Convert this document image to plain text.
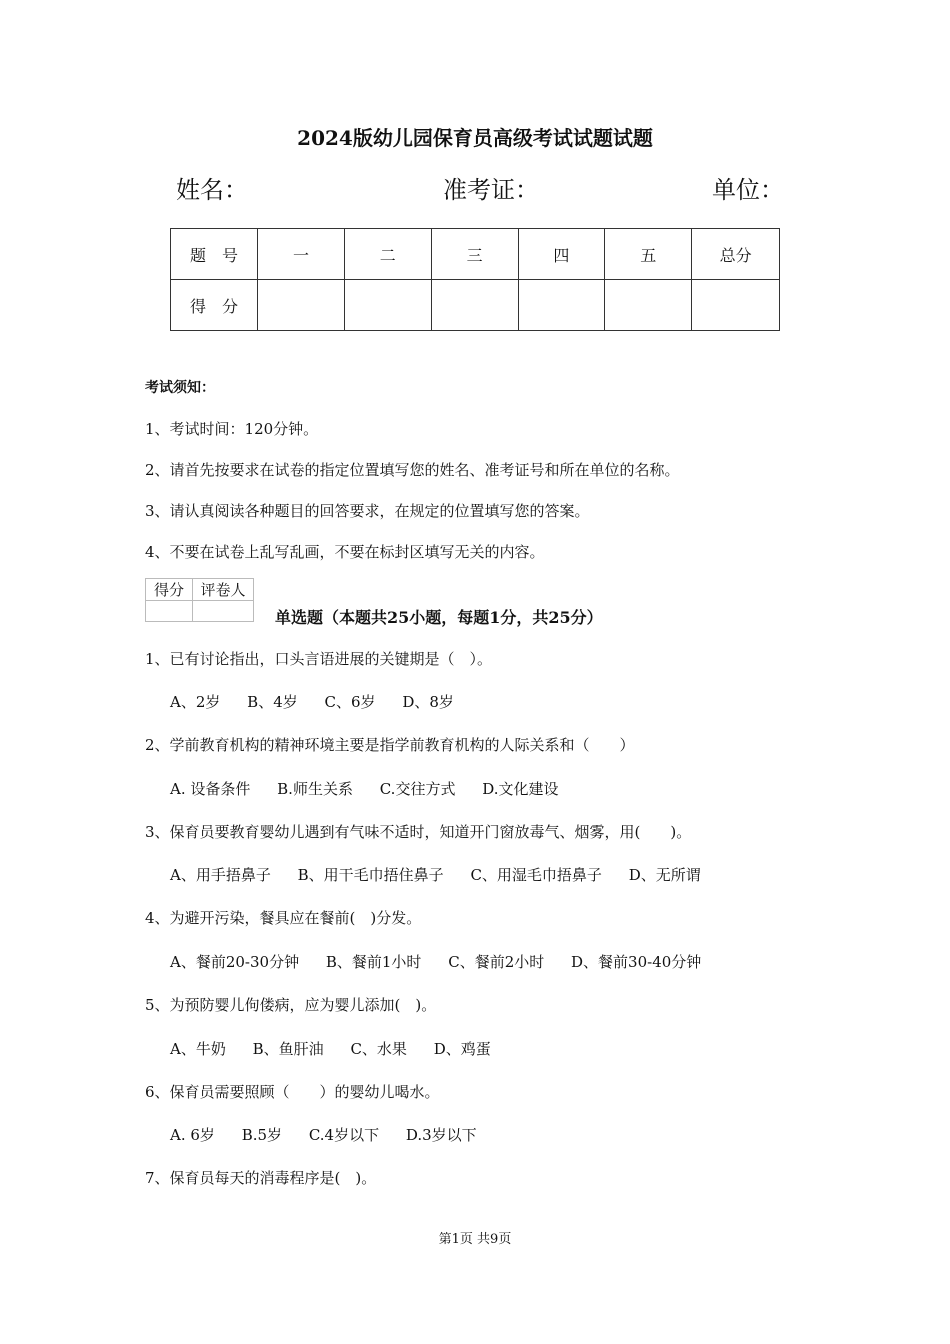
2024版幼儿园保育员高级考试试题试题
姓名：	准考证：	单位：
题　号	一	二	三	四	五	总分
得　分						
考试须知：
1、考试时间：120分钟。
2、请首先按要求在试卷的指定位置填写您的姓名、准考证号和所在单位的名称。
3、请认真阅读各种题目的回答要求，在规定的位置填写您的答案。
4、不要在试卷上乱写乱画，不要在标封区填写无关的内容。
得分	评卷人

单选题（本题共25小题，每题1分，共25分）
1、已有讨论指出，口头言语进展的关键期是（　）。
A、2岁 B、4岁 C、6岁 D、8岁
2、学前教育机构的精神环境主要是指学前教育机构的人际关系和（　　）
A. 设备条件 B.师生关系 C.交往方式 D.文化建设
3、保育员要教育婴幼儿遇到有气味不适时，知道开门窗放毒气、烟雾，用(　　)。
A、用手捂鼻子 B、用干毛巾捂住鼻子 C、用湿毛巾捂鼻子 D、无所谓
4、为避开污染，餐具应在餐前(　)分发。
A、餐前20-30分钟 B、餐前1小时 C、餐前2小时 D、餐前30-40分钟
5、为预防婴儿佝偻病，应为婴儿添加(　)。
A、牛奶 B、鱼肝油 C、水果 D、鸡蛋
6、保育员需要照顾（　　）的婴幼儿喝水。
A. 6岁 B.5岁 C.4岁以下 D.3岁以下
7、保育员每天的消毒程序是(　)。
第1页 共9页
